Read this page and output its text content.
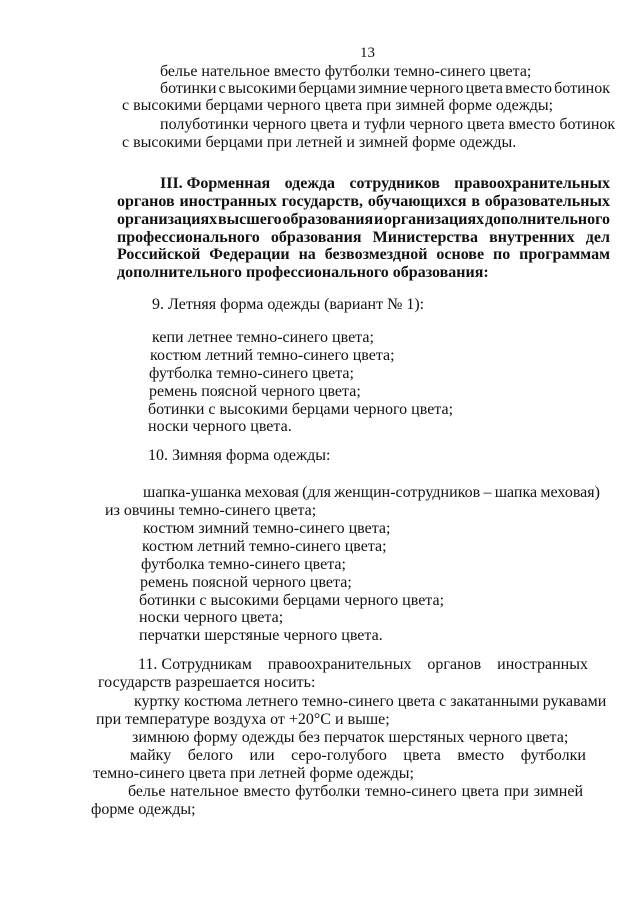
13
белье нательное вместо футболки темно-синего цвета;
ботинки с высокими берцами зимние черного цвета вместо ботинок
с высокими берцами черного цвета при зимней форме одежды;
полуботинки черного цвета и туфли черного цвета вместо ботинок
с высокими берцами при летней и зимней форме одежды.
III. Форменная одежда сотрудников правоохранительных
органов иностранных государств, обучающихся в образовательных
организациях высшего образования и организациях дополнительного
профессионального образования Министерства внутренних дел
Российской Федерации на безвозмездной основе по программам
дополнительного профессионального образования:
9. Летняя форма одежды (вариант № 1):
кепи летнее темно-синего цвета;
костюм летний темно-синего цвета;
футболка темно-синего цвета;
ремень поясной черного цвета;
ботинки с высокими берцами черного цвета;
носки черного цвета.
10. Зимняя форма одежды:
шапка-ушанка меховая (для женщин-сотрудников – шапка меховая)
из овчины темно-синего цвета;
костюм зимний темно-синего цвета;
костюм летний темно-синего цвета;
футболка темно-синего цвета;
ремень поясной черного цвета;
ботинки с высокими берцами черного цвета;
носки черного цвета;
перчатки шерстяные черного цвета.
11. Сотрудникам правоохранительных органов иностранных
государств разрешается носить:
куртку костюма летнего темно-синего цвета с закатанными рукавами
при температуре воздуха от +20°С и выше;
зимнюю форму одежды без перчаток шерстяных черного цвета;
майку белого или серо-голубого цвета вместо футболки
темно-синего цвета при летней форме одежды;
белье нательное вместо футболки темно-синего цвета при зимней
форме одежды;
